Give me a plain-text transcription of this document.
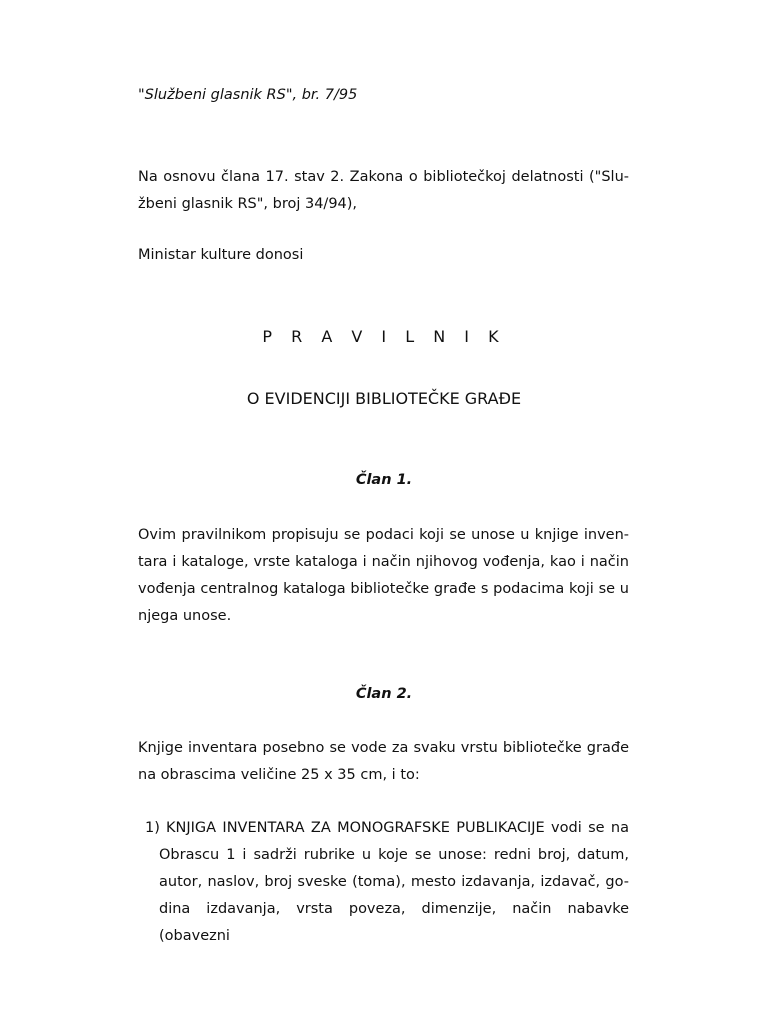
"Službeni glasnik RS", br. 7/95
Na osnovu člana 17. stav 2. Zakona o bibliotečkoj delatnosti ("Slu-
žbeni glasnik RS", broj 34/94),
Ministar kulture donosi
P R A V I L N I K
O EVIDENCIJI BIBLIOTEČKE GRAĐE
Član 1.
Ovim pravilnikom propisuju se podaci koji se unose u knjige inven-
tara i kataloge, vrste kataloga i način njihovog vođenja, kao i način
vođenja centralnog kataloga bibliotečke građe s podacima koji se u
njega unose.
Član 2.
Knjige inventara posebno se vode za svaku vrstu bibliotečke građe
na obrascima veličine 25 x 35 cm, i to:
1) KNJIGA INVENTARA ZA MONOGRAFSKE PUBLIKACIJE vodi se na
Obrascu 1 i sadrži rubrike u koje se unose: redni broj, datum,
autor, naslov, broj sveske (toma), mesto izdavanja, izdavač, go-
dina izdavanja, vrsta poveza, dimenzije, način nabavke (obavezni
